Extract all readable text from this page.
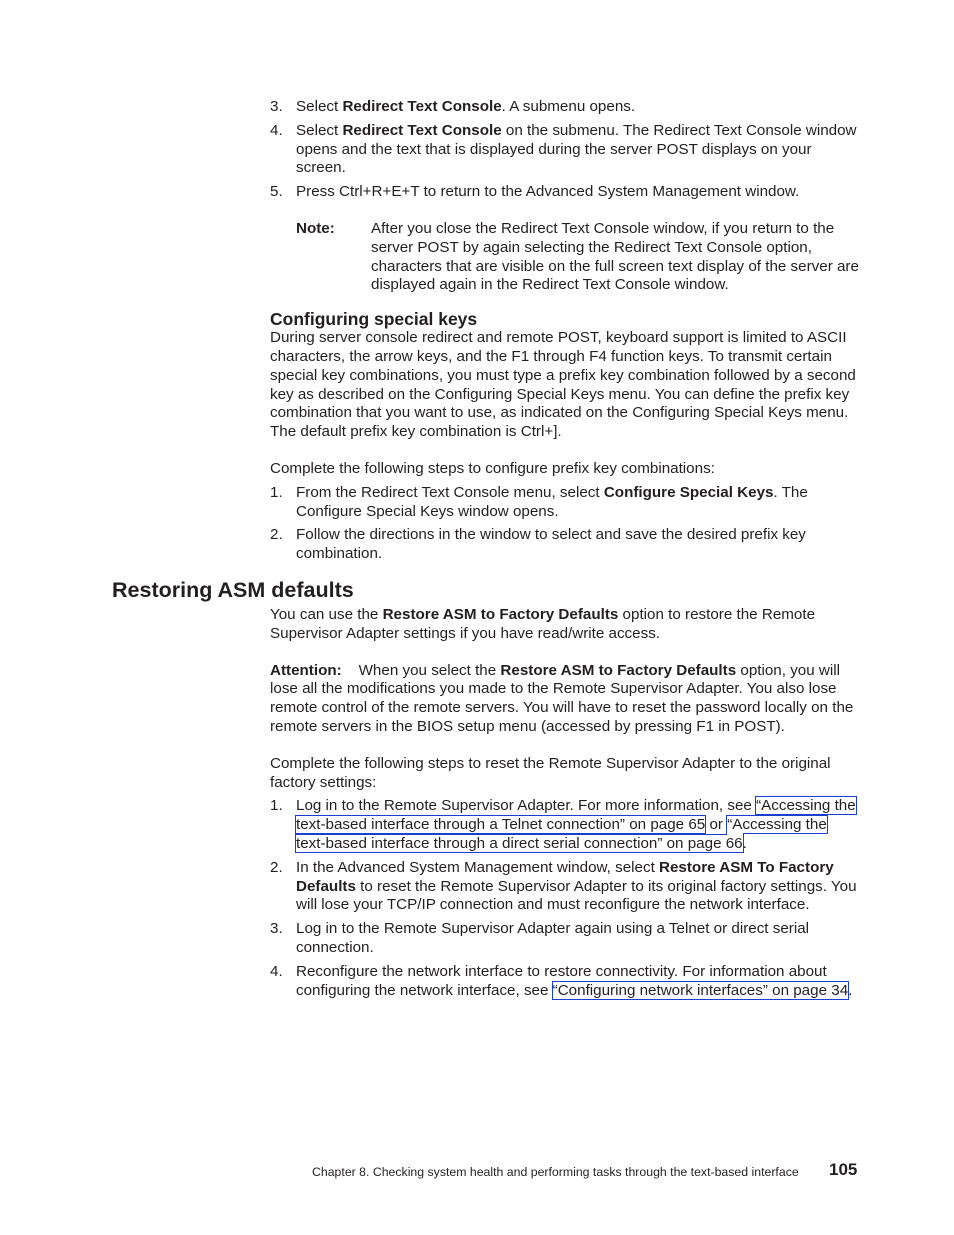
3. Select Redirect Text Console. A submenu opens.
4. Select Redirect Text Console on the submenu. The Redirect Text Console window opens and the text that is displayed during the server POST displays on your screen.
5. Press Ctrl+R+E+T to return to the Advanced System Management window.
Note: After you close the Redirect Text Console window, if you return to the server POST by again selecting the Redirect Text Console option, characters that are visible on the full screen text display of the server are displayed again in the Redirect Text Console window.
Configuring special keys

During server console redirect and remote POST, keyboard support is limited to ASCII characters, the arrow keys, and the F1 through F4 function keys. To transmit certain special key combinations, you must type a prefix key combination followed by a second key as described on the Configuring Special Keys menu. You can define the prefix key combination that you want to use, as indicated on the Configuring Special Keys menu. The default prefix key combination is Ctrl+].

Complete the following steps to configure prefix key combinations:

1. From the Redirect Text Console menu, select Configure Special Keys. The Configure Special Keys window opens.
2. Follow the directions in the window to select and save the desired prefix key combination.
Restoring ASM defaults

You can use the Restore ASM to Factory Defaults option to restore the Remote Supervisor Adapter settings if you have read/write access.

Attention: When you select the Restore ASM to Factory Defaults option, you will lose all the modifications you made to the Remote Supervisor Adapter. You also lose remote control of the remote servers. You will have to reset the password locally on the remote servers in the BIOS setup menu (accessed by pressing F1 in POST).

Complete the following steps to reset the Remote Supervisor Adapter to the original factory settings:

1. Log in to the Remote Supervisor Adapter. For more information, see “Accessing the text-based interface through a Telnet connection” on page 65 or “Accessing the text-based interface through a direct serial connection” on page 66.
2. In the Advanced System Management window, select Restore ASM To Factory Defaults to reset the Remote Supervisor Adapter to its original factory settings. You will lose your TCP/IP connection and must reconfigure the network interface.
3. Log in to the Remote Supervisor Adapter again using a Telnet or direct serial connection.
4. Reconfigure the network interface to restore connectivity. For information about configuring the network interface, see “Configuring network interfaces” on page 34.
Chapter 8. Checking system health and performing tasks through the text-based interface 105
